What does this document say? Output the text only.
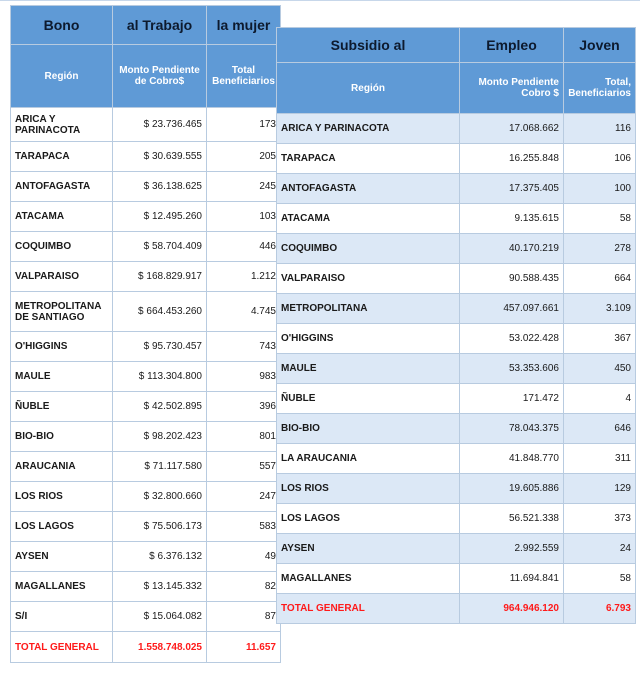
Bono	al Trabajo	la mujer
Región	Monto Pendiente de Cobro$	Total Beneficiarios
ARICA Y PARINACOTA	$ 23.736.465	173
TARAPACA	$ 30.639.555	205
ANTOFAGASTA	$ 36.138.625	245
ATACAMA	$ 12.495.260	103
COQUIMBO	$ 58.704.409	446
VALPARAISO	$ 168.829.917	1.212
METROPOLITANA DE SANTIAGO	$ 664.453.260	4.745
O'HIGGINS	$ 95.730.457	743
MAULE	$ 113.304.800	983
ÑUBLE	$ 42.502.895	396
BIO-BIO	$ 98.202.423	801
ARAUCANIA	$ 71.117.580	557
LOS RIOS	$ 32.800.660	247
LOS LAGOS	$ 75.506.173	583
AYSEN	$ 6.376.132	49
MAGALLANES	$ 13.145.332	82
S/I	$ 15.064.082	87
TOTAL GENERAL	1.558.748.025	11.657
Subsidio al	Empleo	Joven
Región	Monto Pendiente Cobro $	Total, Beneficiarios
ARICA Y PARINACOTA	17.068.662	116
TARAPACA	16.255.848	106
ANTOFAGASTA	17.375.405	100
ATACAMA	9.135.615	58
COQUIMBO	40.170.219	278
VALPARAISO	90.588.435	664
METROPOLITANA	457.097.661	3.109
O'HIGGINS	53.022.428	367
MAULE	53.353.606	450
ÑUBLE	171.472	4
BIO-BIO	78.043.375	646
LA ARAUCANIA	41.848.770	311
LOS RIOS	19.605.886	129
LOS LAGOS	56.521.338	373
AYSEN	2.992.559	24
MAGALLANES	11.694.841	58
TOTAL GENERAL	964.946.120	6.793
